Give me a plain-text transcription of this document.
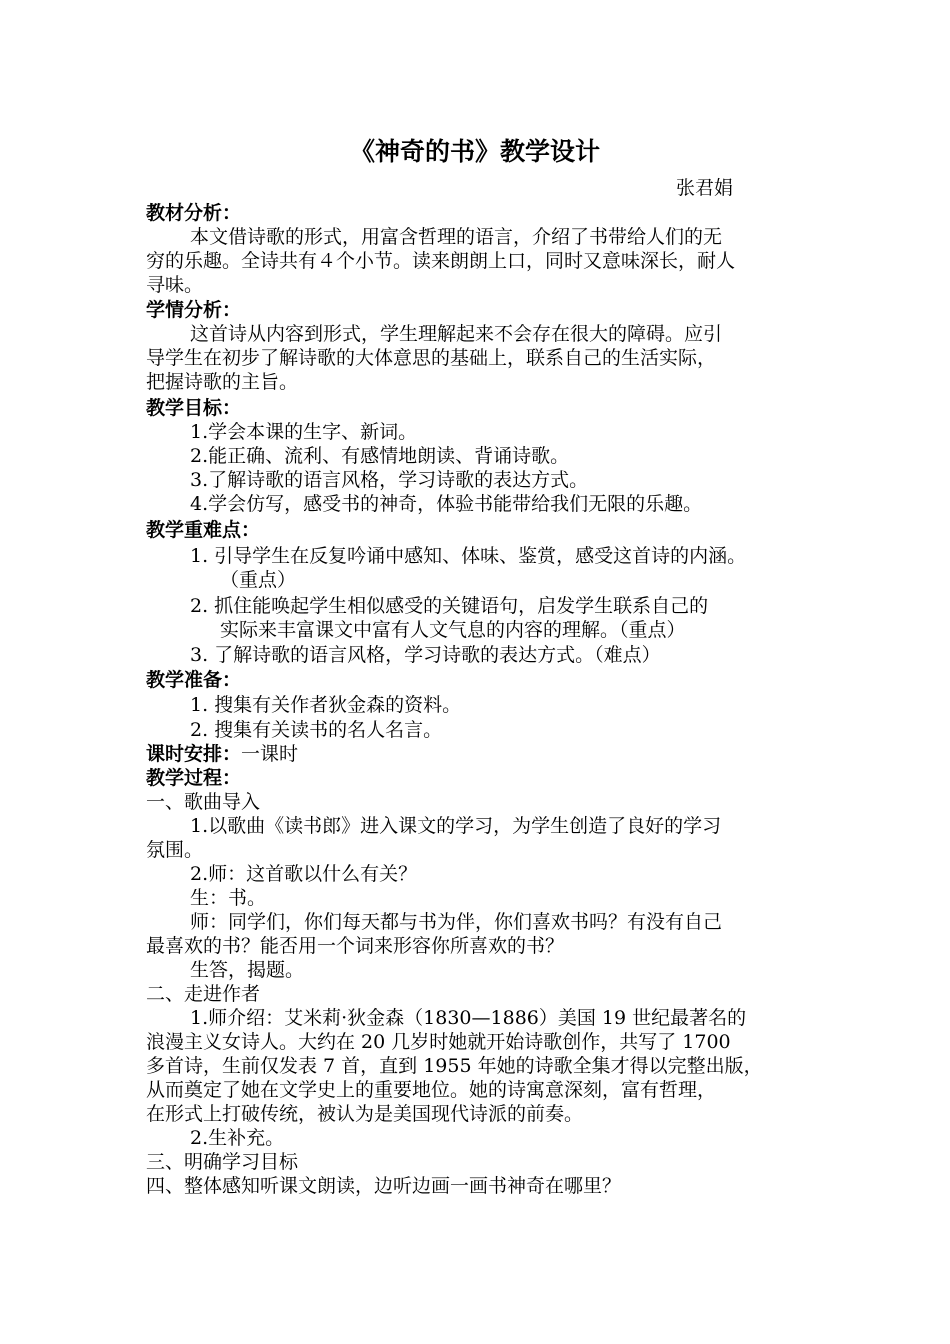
《神奇的书》教学设计
张君娟
教材分析：
本文借诗歌的形式，用富含哲理的语言，介绍了书带给人们的无
穷的乐趣。全诗共有４个小节。读来朗朗上口，同时又意味深长，耐人
寻味。
学情分析：
这首诗从内容到形式，学生理解起来不会存在很大的障碍。应引
导学生在初步了解诗歌的大体意思的基础上，联系自己的生活实际，
把握诗歌的主旨。
教学目标：
1.学会本课的生字、新词。
2.能正确、流利、有感情地朗读、背诵诗歌。
3.了解诗歌的语言风格，学习诗歌的表达方式。
4.学会仿写，感受书的神奇，体验书能带给我们无限的乐趣。
教学重难点：
1. 引导学生在反复吟诵中感知、体味、鉴赏，感受这首诗的内涵。
（重点）
2. 抓住能唤起学生相似感受的关键语句，启发学生联系自己的
实际来丰富课文中富有人文气息的内容的理解。（重点）
3. 了解诗歌的语言风格，学习诗歌的表达方式。（难点）
教学准备：
1. 搜集有关作者狄金森的资料。
2. 搜集有关读书的名人名言。
课时安排：一课时
教学过程：
一、歌曲导入
1.以歌曲《读书郎》进入课文的学习，为学生创造了良好的学习
氛围。
2.师：这首歌以什么有关？
生：书。
师：同学们，你们每天都与书为伴，你们喜欢书吗？有没有自己
最喜欢的书？能否用一个词来形容你所喜欢的书？
生答，揭题。
二、走进作者
1.师介绍：艾米莉·狄金森（1830—1886）美国 19 世纪最著名的
浪漫主义女诗人。大约在 20 几岁时她就开始诗歌创作，共写了 1700
多首诗，生前仅发表 7 首，直到 1955 年她的诗歌全集才得以完整出版，
从而奠定了她在文学史上的重要地位。她的诗寓意深刻，富有哲理，
在形式上打破传统，被认为是美国现代诗派的前奏。
2.生补充。
三、明确学习目标
四、整体感知听课文朗读，边听边画一画书神奇在哪里？
